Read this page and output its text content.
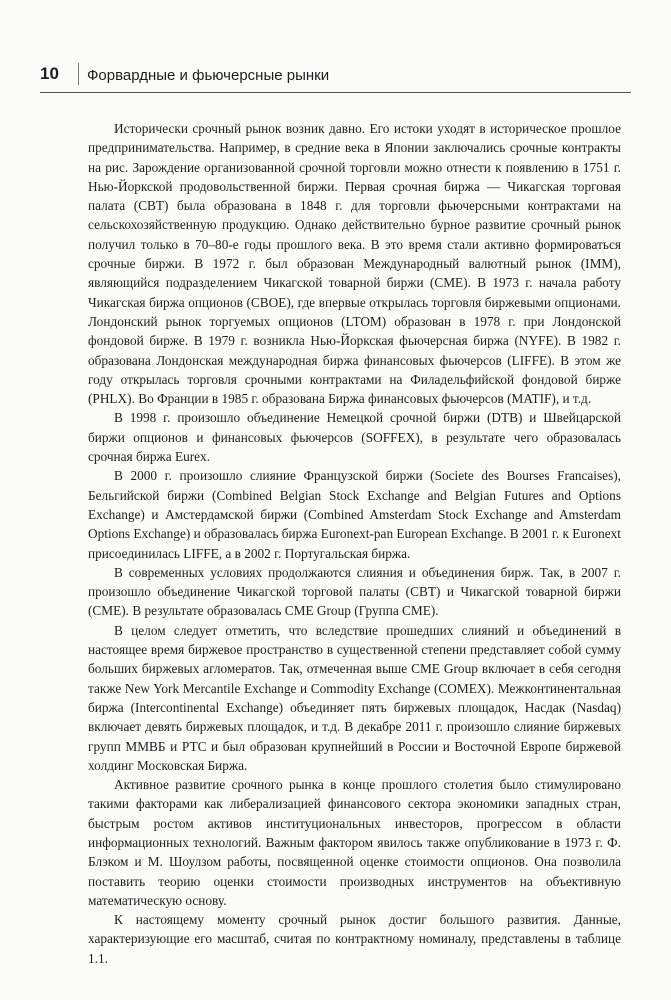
10	Форвардные и фьючерсные рынки

Исторически срочный рынок возник давно. Его истоки уходят в историческое прошлое предпринимательства. Например, в средние века в Японии заключались срочные контракты на рис. Зарождение организованной срочной торговли можно отнести к появлению в 1751 г. Нью-Йоркской продовольственной биржи. Первая срочная биржа — Чикагская торговая палата (CBT) была образована в 1848 г. для торговли фьючерсными контрактами на сельскохозяйственную продукцию. Однако действительно бурное развитие срочный рынок получил только в 70–80-е годы прошлого века. В это время стали активно формироваться срочные биржи. В 1972 г. был образован Международный валютный рынок (IMM), являющийся подразделением Чикагской товарной биржи (CME). В 1973 г. начала работу Чикагская биржа опционов (CBOE), где впервые открылась торговля биржевыми опционами. Лондонский рынок торгуемых опционов (LTOM) образован в 1978 г. при Лондонской фондовой бирже. В 1979 г. возникла Нью-Йоркская фьючерсная биржа (NYFE). В 1982 г. образована Лондонская международная биржа финансовых фьючерсов (LIFFE). В этом же году открылась торговля срочными контрактами на Филадельфийской фондовой бирже (PHLX). Во Франции в 1985 г. образована Биржа финансовых фьючерсов (MATIF), и т.д.

В 1998 г. произошло объединение Немецкой срочной биржи (DTB) и Швейцарской биржи опционов и финансовых фьючерсов (SOFFEX), в результате чего образовалась срочная биржа Eurex.

В 2000 г. произошло слияние Французской биржи (Societe des Bourses Francaises), Бельгийской биржи (Combined Belgian Stock Exchange and Belgian Futures and Options Exchange) и Амстердамской биржи (Combined Amsterdam Stock Exchange and Amsterdam Options Exchange) и образовалась биржа Euronext-pan European Exchange. В 2001 г. к Euronext присоединилась LIFFE, а в 2002 г. Португальская биржа.

В современных условиях продолжаются слияния и объединения бирж. Так, в 2007 г. произошло объединение Чикагской торговой палаты (CBT) и Чикагской товарной биржи (CME). В результате образовалась CME Group (Группа CME).

В целом следует отметить, что вследствие прошедших слияний и объединений в настоящее время биржевое пространство в существенной степени представляет собой сумму больших биржевых агломератов. Так, отмеченная выше CME Group включает в себя сегодня также New York Mercantile Exchange и Commodity Exchange (COMEX). Межконтинентальная биржа (Intercontinental Exchange) объединяет пять биржевых площадок, Насдак (Nasdaq) включает девять биржевых площадок, и т.д. В декабре 2011 г. произошло слияние биржевых групп ММВБ и РТС и был образован крупнейший в России и Восточной Европе биржевой холдинг Московская Биржа.

Активное развитие срочного рынка в конце прошлого столетия было стимулировано такими факторами как либерализацией финансового сектора экономики западных стран, быстрым ростом активов институциональных инвесторов, прогрессом в области информационных технологий. Важным фактором явилось также опубликование в 1973 г. Ф. Блэком и М. Шоулзом работы, посвященной оценке стоимости опционов. Она позволила поставить теорию оценки стоимости производных инструментов на объективную математическую основу.

К настоящему моменту срочный рынок достиг большого развития. Данные, характеризующие его масштаб, считая по контрактному номиналу, представлены в таблице 1.1.
